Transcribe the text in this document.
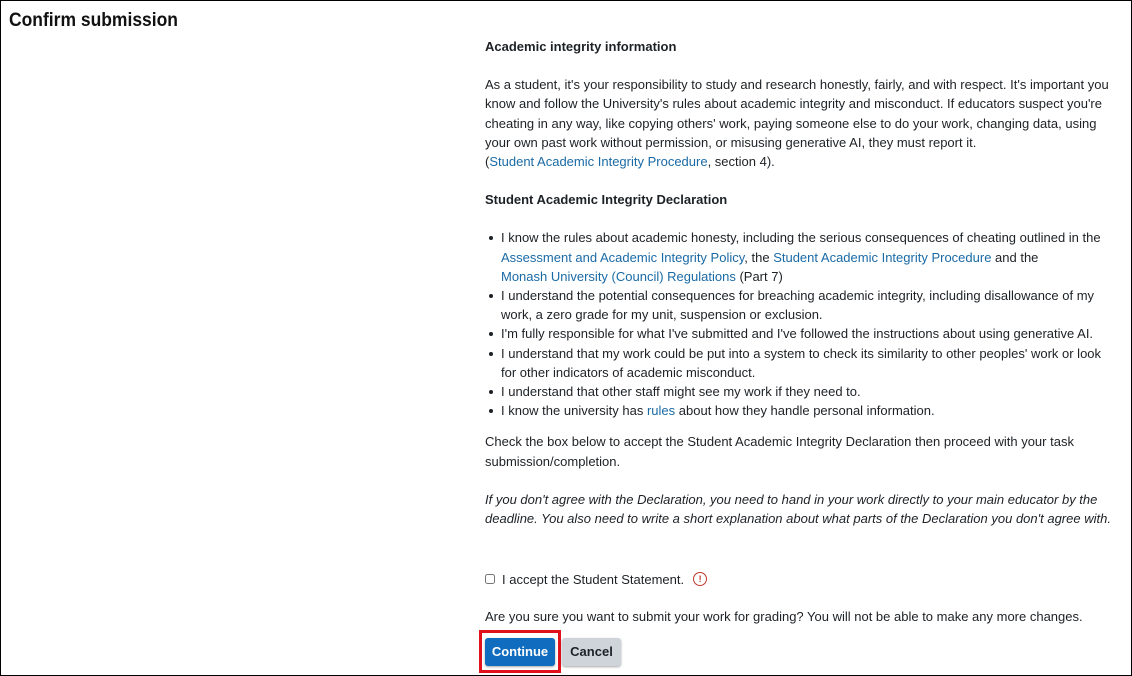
Confirm submission

Academic integrity information

As a student, it's your responsibility to study and research honestly, fairly, and with respect. It's important you know and follow the University's rules about academic integrity and misconduct. If educators suspect you're cheating in any way, like copying others' work, paying someone else to do your work, changing data, using your own past work without permission, or misusing generative AI, they must report it.
(Student Academic Integrity Procedure, section 4).

Student Academic Integrity Declaration

I know the rules about academic honesty, including the serious consequences of cheating outlined in the Assessment and Academic Integrity Policy, the Student Academic Integrity Procedure and the
Monash University (Council) Regulations (Part 7)
I understand the potential consequences for breaching academic integrity, including disallowance of my work, a zero grade for my unit, suspension or exclusion.
I'm fully responsible for what I've submitted and I've followed the instructions about using generative AI.
I understand that my work could be put into a system to check its similarity to other peoples' work or look for other indicators of academic misconduct.
I understand that other staff might see my work if they need to.
I know the university has rules about how they handle personal information.

Check the box below to accept the Student Academic Integrity Declaration then proceed with your task submission/completion.

If you don't agree with the Declaration, you need to hand in your work directly to your main educator by the deadline. You also need to write a short explanation about what parts of the Declaration you don't agree with.

I accept the Student Statement.	!

Are you sure you want to submit your work for grading? You will not be able to make any more changes.

Continue	Cancel
